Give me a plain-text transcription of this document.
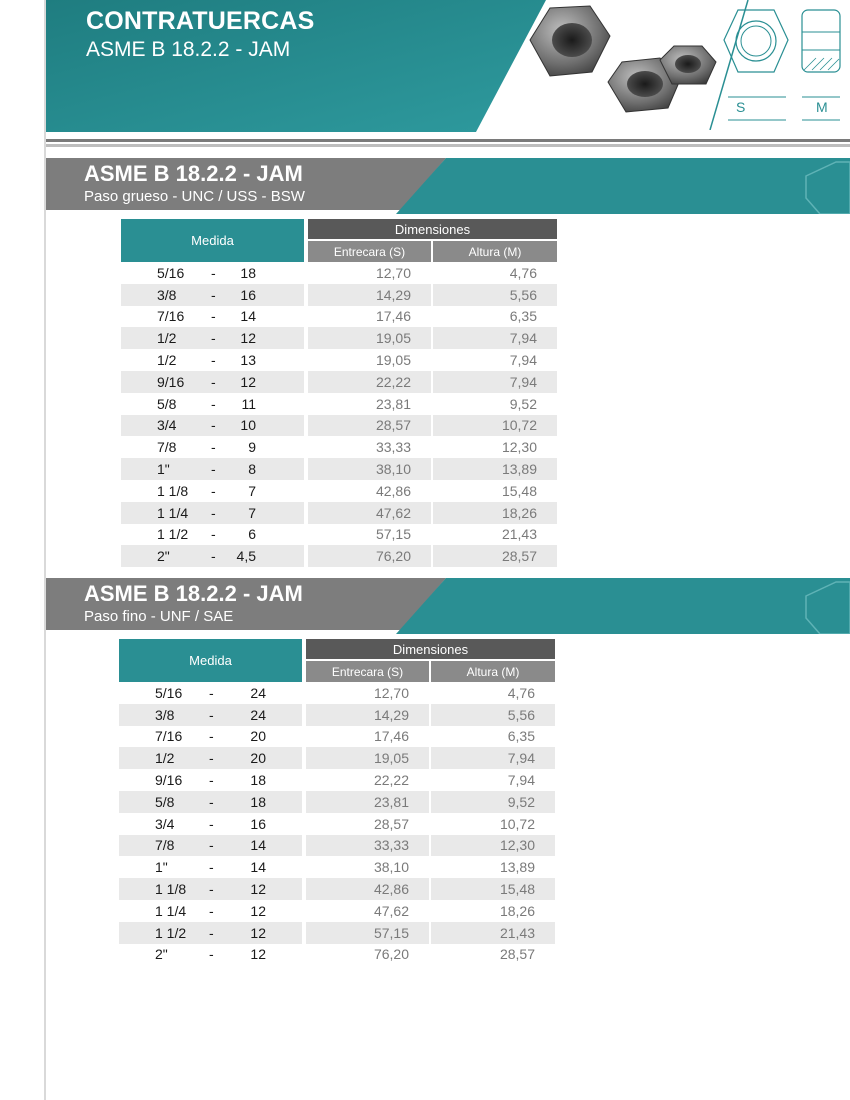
CONTRATUERCAS
ASME B 18.2.2 - JAM
S	M
ASME B 18.2.2 - JAM
Paso grueso - UNC / USS - BSW
Medida
Dimensiones
Entrecara (S)	Altura (M)
5/16 - 18	12,70	4,76
3/8 - 16	14,29	5,56
7/16 - 14	17,46	6,35
1/2 - 12	19,05	7,94
1/2 - 13	19,05	7,94
9/16 - 12	22,22	7,94
5/8 - 11	23,81	9,52
3/4 - 10	28,57	10,72
7/8 - 9	33,33	12,30
1"	- 8	38,10	13,89
1 1/8 - 7	42,86	15,48
1 1/4 - 7	47,62	18,26
1 1/2 - 6	57,15	21,43
2"	- 4,5	76,20	28,57
ASME B 18.2.2 - JAM
Paso fino - UNF / SAE
Medida
Dimensiones
Entrecara (S)	Altura (M)
5/16 -	24	12,70	4,76
3/8 -	24	14,29	5,56
7/16 -	20	17,46	6,35
1/2 -	20	19,05	7,94
9/16 -	18	22,22	7,94
5/8 -	18	23,81	9,52
3/4 -	16	28,57	10,72
7/8 -	14	33,33	12,30
1"	-	14	38,10	13,89
1 1/8 -	12	42,86	15,48
1 1/4 -	12	47,62	18,26
1 1/2 -	12	57,15	21,43
2"	-	12	76,20	28,57
